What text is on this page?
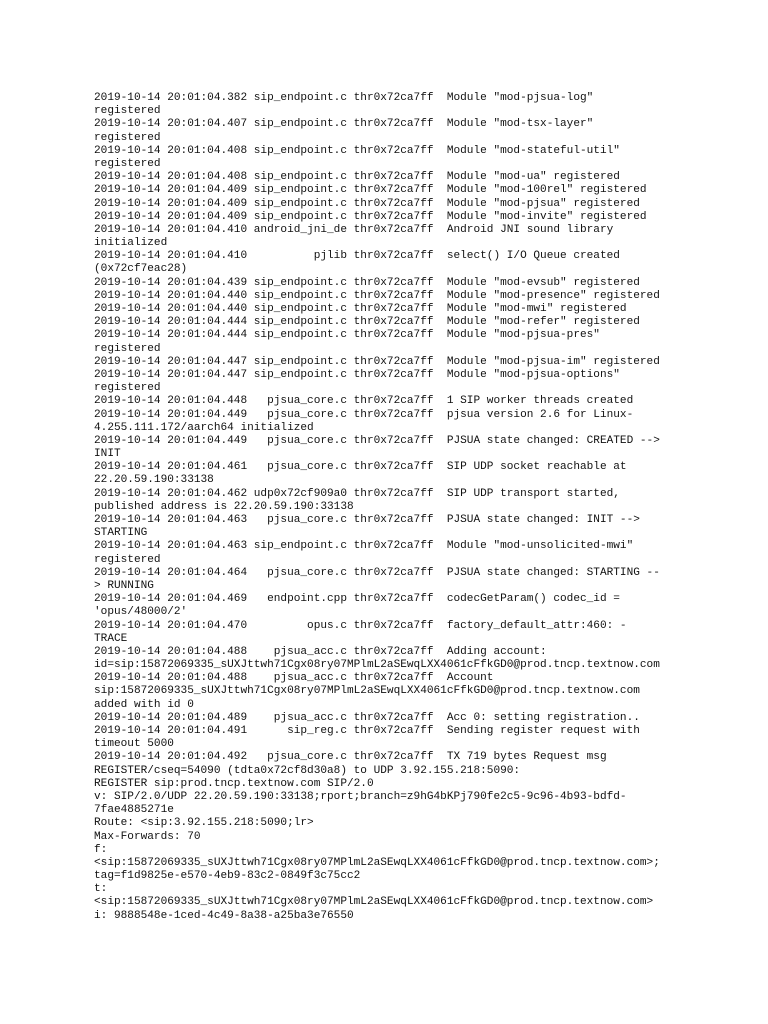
2019-10-14 20:01:04.382 sip_endpoint.c thr0x72ca7ff  Module "mod-pjsua-log"
registered
2019-10-14 20:01:04.407 sip_endpoint.c thr0x72ca7ff  Module "mod-tsx-layer"
registered
2019-10-14 20:01:04.408 sip_endpoint.c thr0x72ca7ff  Module "mod-stateful-util"
registered
2019-10-14 20:01:04.408 sip_endpoint.c thr0x72ca7ff  Module "mod-ua" registered
2019-10-14 20:01:04.409 sip_endpoint.c thr0x72ca7ff  Module "mod-100rel" registered
2019-10-14 20:01:04.409 sip_endpoint.c thr0x72ca7ff  Module "mod-pjsua" registered
2019-10-14 20:01:04.409 sip_endpoint.c thr0x72ca7ff  Module "mod-invite" registered
2019-10-14 20:01:04.410 android_jni_de thr0x72ca7ff  Android JNI sound library
initialized
2019-10-14 20:01:04.410          pjlib thr0x72ca7ff  select() I/O Queue created
(0x72cf7eac28)
2019-10-14 20:01:04.439 sip_endpoint.c thr0x72ca7ff  Module "mod-evsub" registered
2019-10-14 20:01:04.440 sip_endpoint.c thr0x72ca7ff  Module "mod-presence" registered
2019-10-14 20:01:04.440 sip_endpoint.c thr0x72ca7ff  Module "mod-mwi" registered
2019-10-14 20:01:04.444 sip_endpoint.c thr0x72ca7ff  Module "mod-refer" registered
2019-10-14 20:01:04.444 sip_endpoint.c thr0x72ca7ff  Module "mod-pjsua-pres"
registered
2019-10-14 20:01:04.447 sip_endpoint.c thr0x72ca7ff  Module "mod-pjsua-im" registered
2019-10-14 20:01:04.447 sip_endpoint.c thr0x72ca7ff  Module "mod-pjsua-options"
registered
2019-10-14 20:01:04.448   pjsua_core.c thr0x72ca7ff  1 SIP worker threads created
2019-10-14 20:01:04.449   pjsua_core.c thr0x72ca7ff  pjsua version 2.6 for Linux-
4.255.111.172/aarch64 initialized
2019-10-14 20:01:04.449   pjsua_core.c thr0x72ca7ff  PJSUA state changed: CREATED -->
INIT
2019-10-14 20:01:04.461   pjsua_core.c thr0x72ca7ff  SIP UDP socket reachable at
22.20.59.190:33138
2019-10-14 20:01:04.462 udp0x72cf909a0 thr0x72ca7ff  SIP UDP transport started,
published address is 22.20.59.190:33138
2019-10-14 20:01:04.463   pjsua_core.c thr0x72ca7ff  PJSUA state changed: INIT -->
STARTING
2019-10-14 20:01:04.463 sip_endpoint.c thr0x72ca7ff  Module "mod-unsolicited-mwi"
registered
2019-10-14 20:01:04.464   pjsua_core.c thr0x72ca7ff  PJSUA state changed: STARTING --
> RUNNING
2019-10-14 20:01:04.469   endpoint.cpp thr0x72ca7ff  codecGetParam() codec_id =
'opus/48000/2'
2019-10-14 20:01:04.470         opus.c thr0x72ca7ff  factory_default_attr:460: -
TRACE
2019-10-14 20:01:04.488    pjsua_acc.c thr0x72ca7ff  Adding account:
id=sip:15872069335_sUXJttwh71Cgx08ry07MPlmL2aSEwqLXX4061cFfkGD0@prod.tncp.textnow.com
2019-10-14 20:01:04.488    pjsua_acc.c thr0x72ca7ff  Account
sip:15872069335_sUXJttwh71Cgx08ry07MPlmL2aSEwqLXX4061cFfkGD0@prod.tncp.textnow.com
added with id 0
2019-10-14 20:01:04.489    pjsua_acc.c thr0x72ca7ff  Acc 0: setting registration..
2019-10-14 20:01:04.491      sip_reg.c thr0x72ca7ff  Sending register request with
timeout 5000
2019-10-14 20:01:04.492   pjsua_core.c thr0x72ca7ff  TX 719 bytes Request msg
REGISTER/cseq=54090 (tdta0x72cf8d30a8) to UDP 3.92.155.218:5090:
REGISTER sip:prod.tncp.textnow.com SIP/2.0
v: SIP/2.0/UDP 22.20.59.190:33138;rport;branch=z9hG4bKPj790fe2c5-9c96-4b93-bdfd-
7fae4885271e
Route: <sip:3.92.155.218:5090;lr>
Max-Forwards: 70
f:
<sip:15872069335_sUXJttwh71Cgx08ry07MPlmL2aSEwqLXX4061cFfkGD0@prod.tncp.textnow.com>;
tag=f1d9825e-e570-4eb9-83c2-0849f3c75cc2
t:
<sip:15872069335_sUXJttwh71Cgx08ry07MPlmL2aSEwqLXX4061cFfkGD0@prod.tncp.textnow.com>
i: 9888548e-1ced-4c49-8a38-a25ba3e76550
